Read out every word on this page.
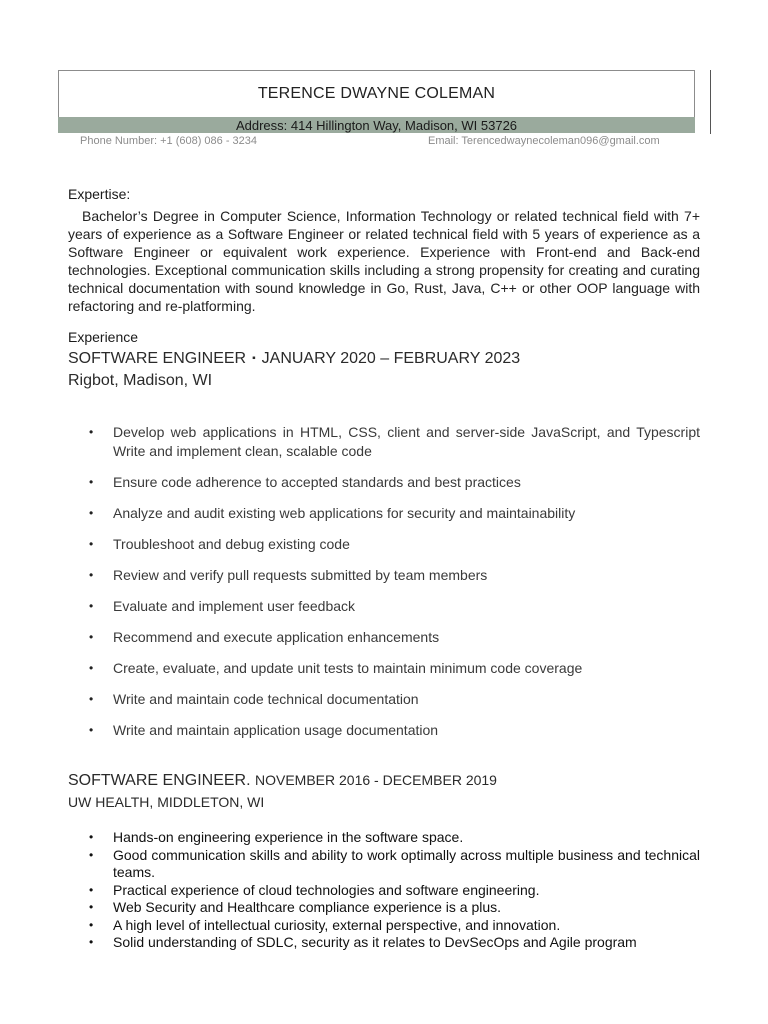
TERENCE DWAYNE COLEMAN
Address: 414 Hillington Way, Madison, WI 53726
Phone Number: +1 (608) 086 - 3234	Email: Terencedwaynecoleman096@gmail.com
Expertise:
Bachelor’s Degree in Computer Science, Information Technology or related technical field with 7+ years of experience as a Software Engineer or related technical field with 5 years of experience as a Software Engineer or equivalent work experience. Experience with Front-end and Back-end technologies. Exceptional communication skills including a strong propensity for creating and curating technical documentation with sound knowledge in Go, Rust, Java, C++ or other OOP language with refactoring and re-platforming.
Experience
SOFTWARE ENGINEER ▪ JANUARY 2020 – FEBRUARY 2023
Rigbot, Madison, WI
• Develop web applications in HTML, CSS, client and server-side JavaScript, and Typescript Write and implement clean, scalable code
• Ensure code adherence to accepted standards and best practices
• Analyze and audit existing web applications for security and maintainability
• Troubleshoot and debug existing code
• Review and verify pull requests submitted by team members
• Evaluate and implement user feedback
• Recommend and execute application enhancements
• Create, evaluate, and update unit tests to maintain minimum code coverage
• Write and maintain code technical documentation
• Write and maintain application usage documentation
SOFTWARE ENGINEER. NOVEMBER 2016 - DECEMBER 2019
UW HEALTH, MIDDLETON, WI
• Hands-on engineering experience in the software space.
• Good communication skills and ability to work optimally across multiple business and technical teams.
• Practical experience of cloud technologies and software engineering.
• Web Security and Healthcare compliance experience is a plus.
• A high level of intellectual curiosity, external perspective, and innovation.
• Solid understanding of SDLC, security as it relates to DevSecOps and Agile program
